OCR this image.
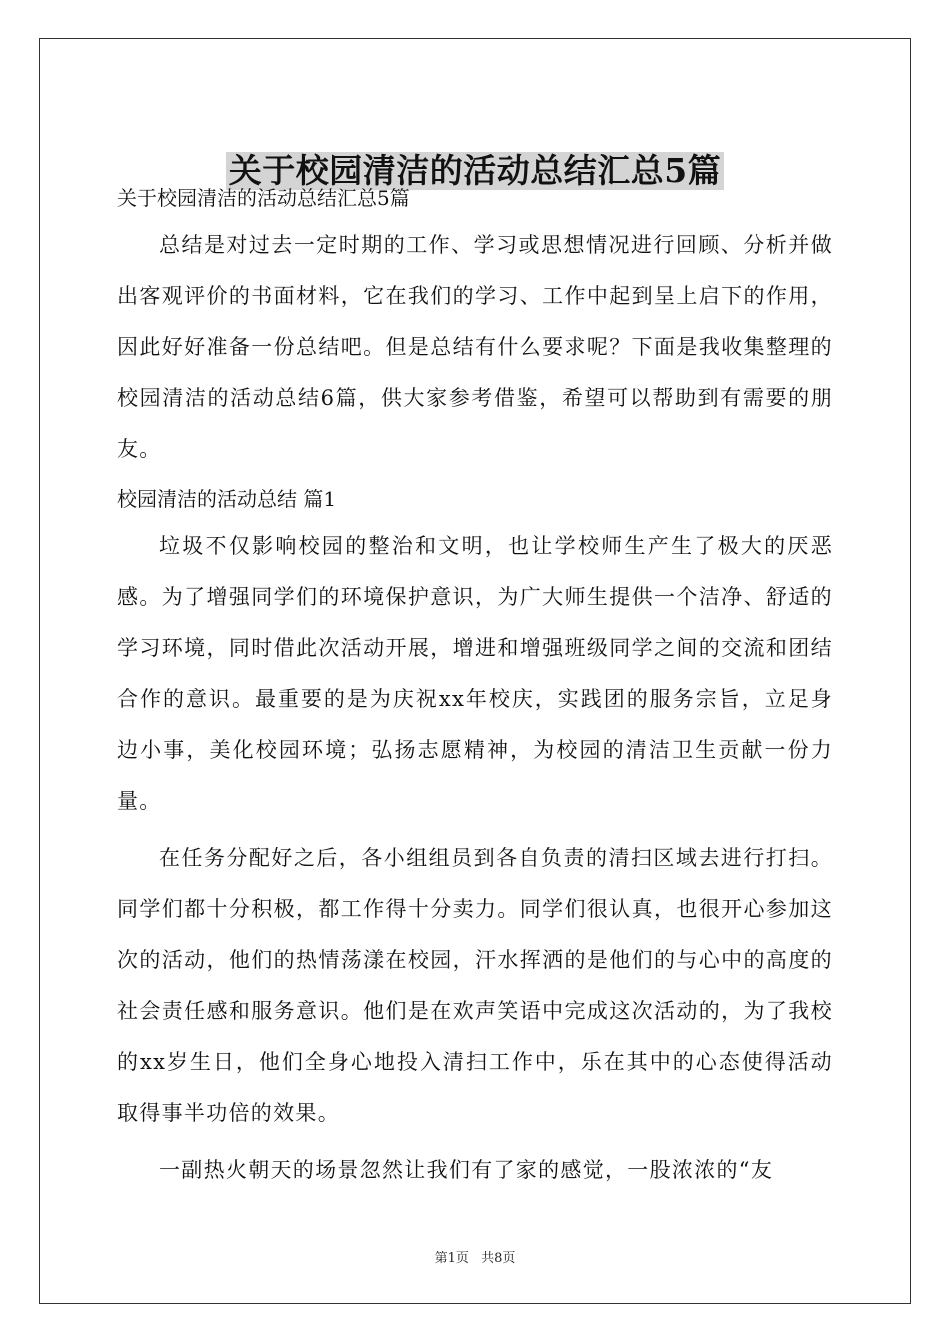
关于校园清洁的活动总结汇总5篇

关于校园清洁的活动总结汇总5篇

总结是对过去一定时期的工作、学习或思想情况进行回顾、分析并做出客观评价的书面材料，它在我们的学习、工作中起到呈上启下的作用，因此好好准备一份总结吧。但是总结有什么要求呢？下面是我收集整理的校园清洁的活动总结6篇，供大家参考借鉴，希望可以帮助到有需要的朋友。

校园清洁的活动总结 篇1

垃圾不仅影响校园的整治和文明，也让学校师生产生了极大的厌恶感。为了增强同学们的环境保护意识，为广大师生提供一个洁净、舒适的学习环境，同时借此次活动开展，增进和增强班级同学之间的交流和团结合作的意识。最重要的是为庆祝xx年校庆，实践团的服务宗旨，立足身边小事，美化校园环境；弘扬志愿精神，为校园的清洁卫生贡献一份力量。

在任务分配好之后，各小组组员到各自负责的清扫区域去进行打扫。同学们都十分积极，都工作得十分卖力。同学们很认真，也很开心参加这次的活动，他们的热情荡漾在校园，汗水挥洒的是他们的与心中的高度的社会责任感和服务意识。他们是在欢声笑语中完成这次活动的，为了我校的xx岁生日，他们全身心地投入清扫工作中，乐在其中的心态使得活动取得事半功倍的效果。

一副热火朝天的场景忽然让我们有了家的感觉，一股浓浓的“友

第1页 共8页
